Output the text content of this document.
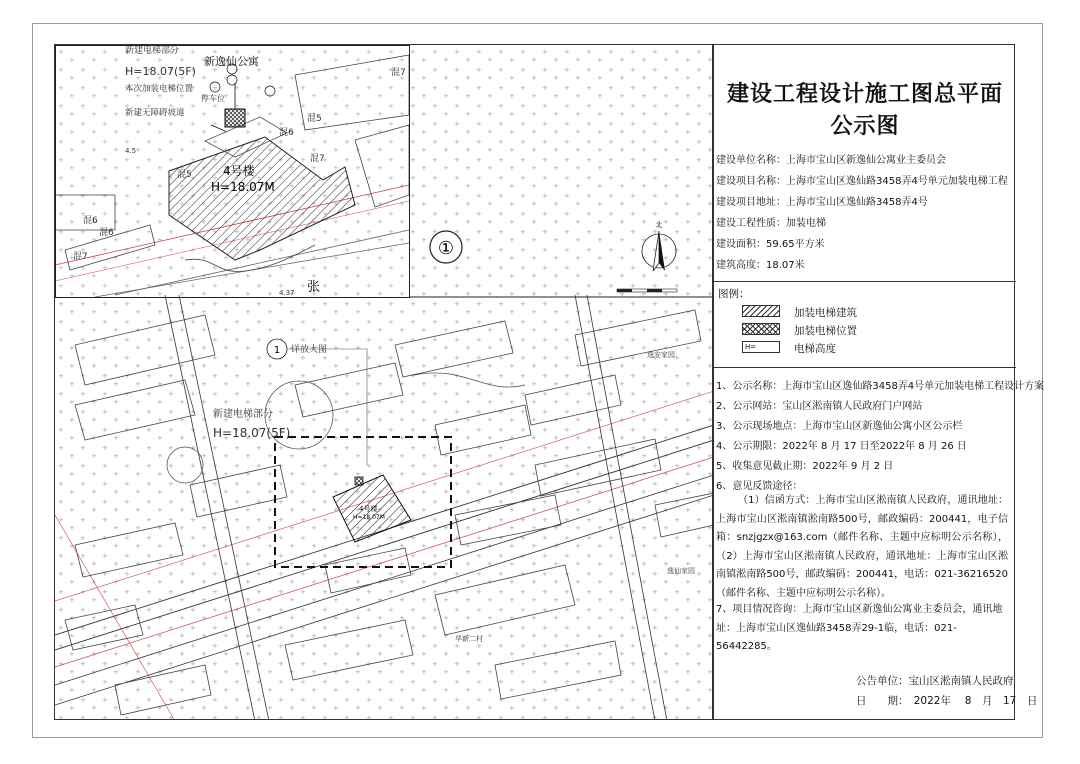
新逸仙公寓
新建电梯部分
H=18.07(5F)
本次加装电梯位置
停车位
新建无障碍坡道
4号楼
H=18.07M
混5
混6
混7
混5
混6
混7
混7
混6
张
4.5
4.37
①
北
1 详放大图
新建电梯部分
H=18.07(5F)
4号楼
H=18.07M
华新二村
逸安家园
逸仙家园
建设工程设计施工图总平面
公示图
建设单位名称：上海市宝山区新逸仙公寓业主委员会
建设项目名称：上海市宝山区逸仙路3458弄4号单元加装电梯工程
建设项目地址：上海市宝山区逸仙路3458弄4号
建设工程性质：加装电梯
建设面积：59.65平方米
建筑高度：18.07米
图例：
加装电梯建筑
加装电梯位置
H=	电梯高度
1、公示名称：上海市宝山区逸仙路3458弄4号单元加装电梯工程设计方案
2、公示网站：宝山区淞南镇人民政府门户网站
3、公示现场地点：上海市宝山区新逸仙公寓小区公示栏
4、公示期限：2022年 8 月 17 日至2022年 8 月 26 日
5、收集意见截止期：2022年 9 月 2 日
6、意见反馈途径：
（1）信函方式：上海市宝山区淞南镇人民政府，通讯地址：上海市宝山区淞南镇淞南路500号，邮政编码：200441，电子信箱：snzjgzx@163.com（邮件名称、主题中应标明公示名称），（2）上海市宝山区淞南镇人民政府，通讯地址：上海市宝山区淞南镇淞南路500号，邮政编码：200441，电话：021-36216520（邮件名称、主题中应标明公示名称）。
7、项目情况咨询：上海市宝山区新逸仙公寓业主委员会，通讯地址：上海市宝山区逸仙路3458弄29-1临，电话：021-56442285。
公告单位：宝山区淞南镇人民政府
日　　期：　2022年　 8　月　17　日
